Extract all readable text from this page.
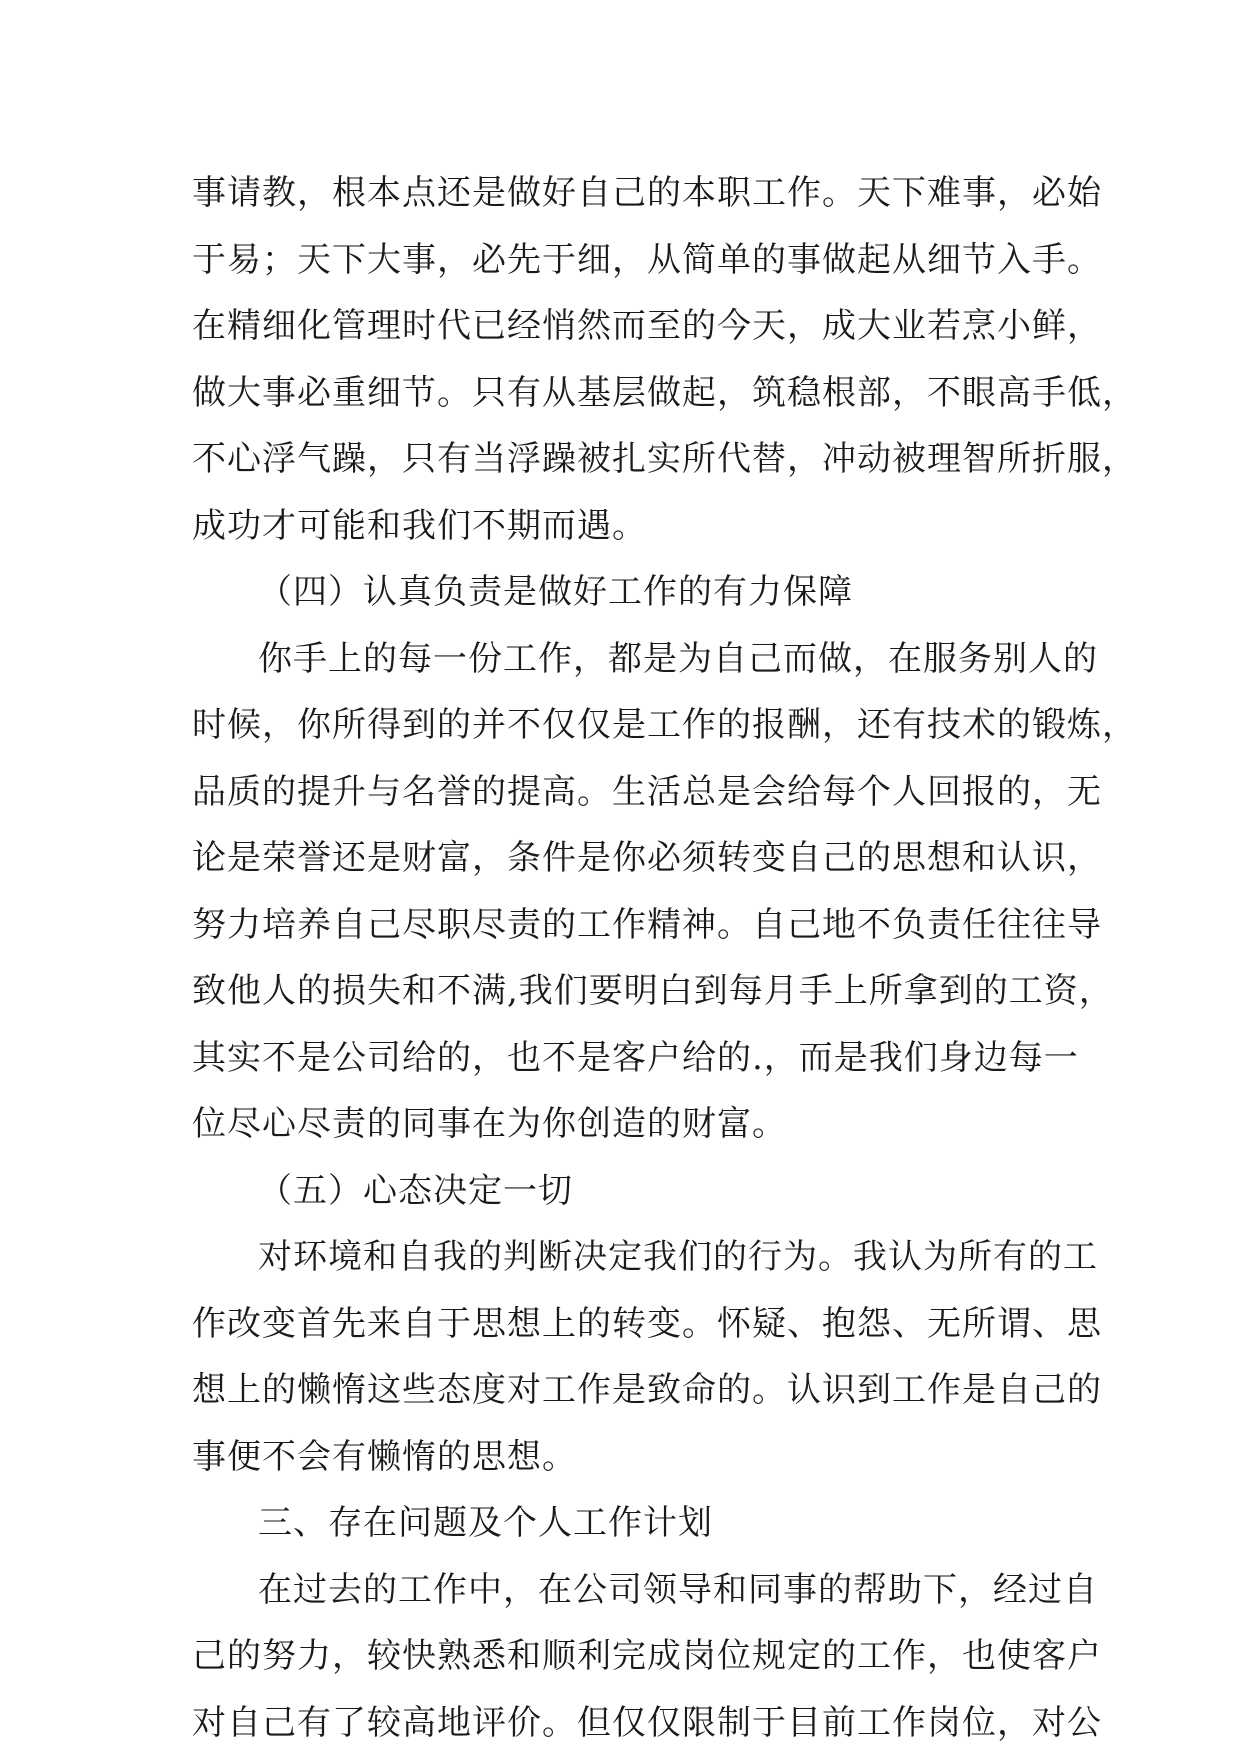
事请教，根本点还是做好自己的本职工作。天下难事，必始
于易；天下大事，必先于细，从简单的事做起从细节入手。
在精细化管理时代已经悄然而至的今天，成大业若烹小鲜，
做大事必重细节。只有从基层做起，筑稳根部，不眼高手低，
不心浮气躁，只有当浮躁被扎实所代替，冲动被理智所折服，
成功才可能和我们不期而遇。
（四）认真负责是做好工作的有力保障
你手上的每一份工作，都是为自己而做，在服务别人的
时候，你所得到的并不仅仅是工作的报酬，还有技术的锻炼，
品质的提升与名誉的提高。生活总是会给每个人回报的，无
论是荣誉还是财富，条件是你必须转变自己的思想和认识，
努力培养自己尽职尽责的工作精神。自己地不负责任往往导
致他人的损失和不满,我们要明白到每月手上所拿到的工资，
其实不是公司给的，也不是客户给的.，而是我们身边每一
位尽心尽责的同事在为你创造的财富。
（五）心态决定一切
对环境和自我的判断决定我们的行为。我认为所有的工
作改变首先来自于思想上的转变。怀疑、抱怨、无所谓、思
想上的懒惰这些态度对工作是致命的。认识到工作是自己的
事便不会有懒惰的思想。
三、存在问题及个人工作计划
在过去的工作中，在公司领导和同事的帮助下，经过自
己的努力，较快熟悉和顺利完成岗位规定的工作，也使客户
对自己有了较高地评价。但仅仅限制于目前工作岗位，对公
